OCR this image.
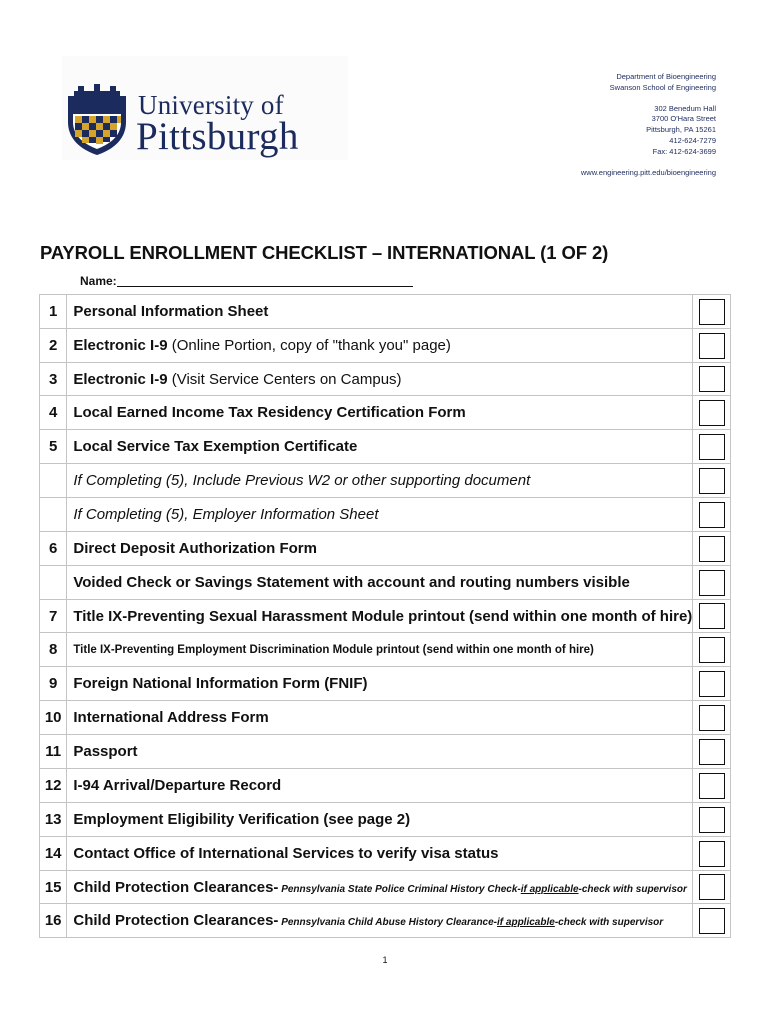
University of
Pittsburgh
Department of Bioengineering
Swanson School of Engineering
302 Benedum Hall
3700 O'Hara Street
Pittsburgh, PA 15261
412-624-7279
Fax: 412-624-3699
www.engineering.pitt.edu/bioengineering
PAYROLL ENROLLMENT CHECKLIST – INTERNATIONAL (1 OF 2)
Name:
1	Personal Information Sheet	
2	Electronic I-9 (Online Portion, copy of "thank you" page)	
3	Electronic I-9 (Visit Service Centers on Campus)	
4	Local Earned Income Tax Residency Certification Form	
5	Local Service Tax Exemption Certificate	
	If Completing (5), Include Previous W2 or other supporting document	
	If Completing (5), Employer Information Sheet	
6	Direct Deposit Authorization Form	
	Voided Check or Savings Statement with account and routing numbers visible	
7	Title IX-Preventing Sexual Harassment Module printout (send within one month of hire)	
8	Title IX-Preventing Employment Discrimination Module printout (send within one month of hire)	
9	Foreign National Information Form (FNIF)	
10	International Address Form	
11	Passport	
12	I-94 Arrival/Departure Record	
13	Employment Eligibility Verification (see page 2)	
14	Contact Office of International Services to verify visa status	
15	Child Protection Clearances- Pennsylvania State Police Criminal History Check-if applicable-check with supervisor	
16	Child Protection Clearances- Pennsylvania Child Abuse History Clearance-if applicable-check with supervisor	
1
